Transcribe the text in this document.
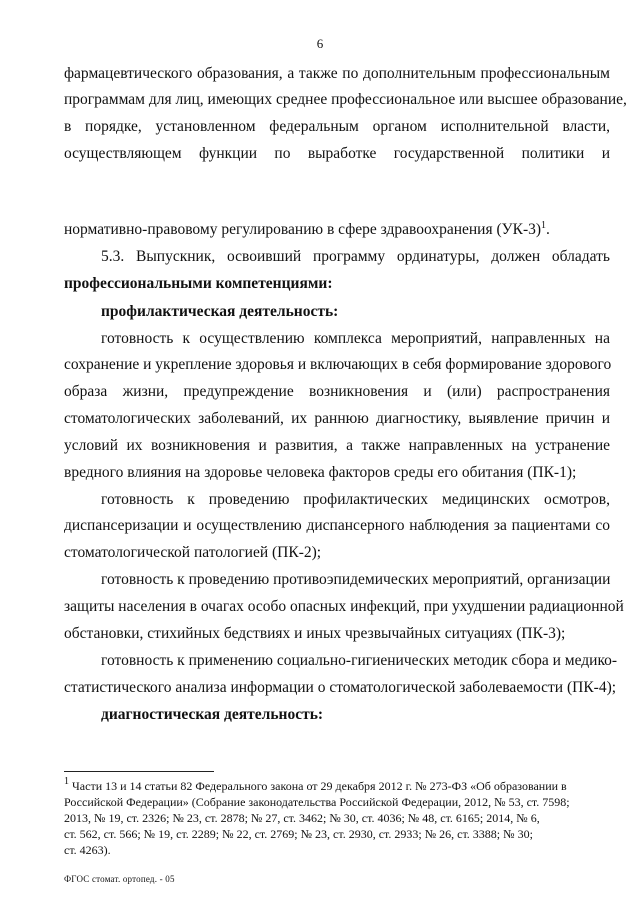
6
фармацевтического образования, а также по дополнительным профессиональным
программам для лиц, имеющих среднее профессиональное или высшее образование,
в порядке, установленном федеральным органом исполнительной власти,
осуществляющем функции по выработке государственной политики и
нормативно-правовому регулированию в сфере здравоохранения $(УК-3)^1$.
5.3. Выпускник, освоивший программу ординатуры, должен обладать
профессиональными компетенциями:
профилактическая деятельность:
готовность к осуществлению комплекса мероприятий, направленных на
сохранение и укрепление здоровья и включающих в себя формирование здорового
образа жизни, предупреждение возникновения и (или) распространения
стоматологических заболеваний, их раннюю диагностику, выявление причин и
условий их возникновения и развития, а также направленных на устранение
вредного влияния на здоровье человека факторов среды его обитания (ПК-1);
готовность к проведению профилактических медицинских осмотров,
диспансеризации и осуществлению диспансерного наблюдения за пациентами со
стоматологической патологией (ПК-2);
готовность к проведению противоэпидемических мероприятий, организации
защиты населения в очагах особо опасных инфекций, при ухудшении радиационной
обстановки, стихийных бедствиях и иных чрезвычайных ситуациях (ПК-3);
готовность к применению социально-гигиенических методик сбора и медико-
статистического анализа информации о стоматологической заболеваемости (ПК-4);
диагностическая деятельность:
$^1$ Части 13 и 14 статьи 82 Федерального закона от 29 декабря 2012 г. № 273-ФЗ «Об образовании в
Российской Федерации» (Собрание законодательства Российской Федерации, 2012, № 53, ст. 7598;
2013, № 19, ст. 2326; № 23, ст. 2878; № 27, ст. 3462; № 30, ст. 4036; № 48, ст. 6165; 2014, № 6,
ст. 562, ст. 566; № 19, ст. 2289; № 22, ст. 2769; № 23, ст. 2930, ст. 2933; № 26, ст. 3388; № 30;
ст. 4263).
ФГОС стомат. ортопед. - 05
